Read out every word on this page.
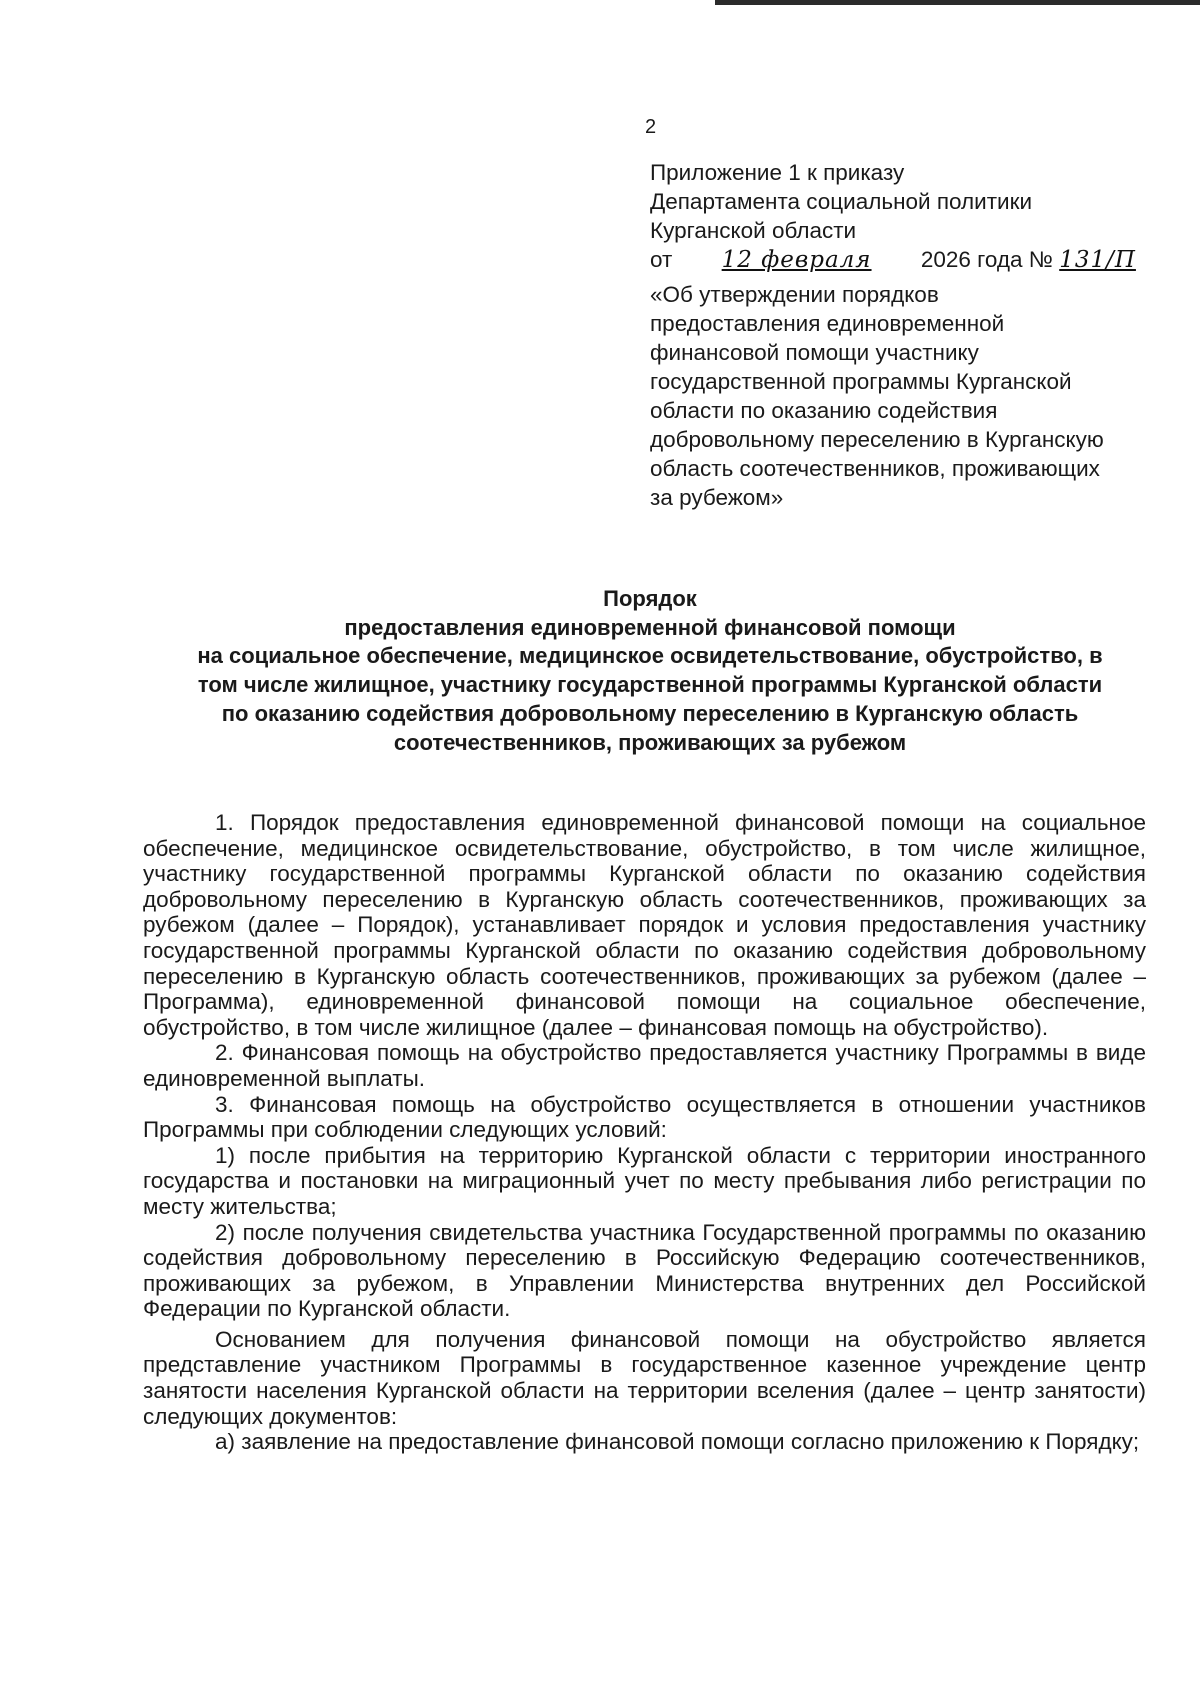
2
Приложение 1 к приказу
Департамента социальной политики
Курганской области
от 12 февраля 2026 года № 131/П
«Об утверждении порядков
предоставления единовременной
финансовой помощи участнику
государственной программы Курганской
области по оказанию содействия
добровольному переселению в Курганскую
область соотечественников, проживающих
за рубежом»
Порядок
предоставления единовременной финансовой помощи
на социальное обеспечение, медицинское освидетельствование, обустройство, в
том числе жилищное, участнику государственной программы Курганской области
по оказанию содействия добровольному переселению в Курганскую область
соотечественников, проживающих за рубежом

1. Порядок предоставления единовременной финансовой помощи на социальное обеспечение, медицинское освидетельствование, обустройство, в том числе жилищное, участнику государственной программы Курганской области по оказанию содействия добровольному переселению в Курганскую область соотечественников, проживающих за рубежом (далее – Порядок), устанавливает порядок и условия предоставления участнику государственной программы Курганской области по оказанию содействия добровольному переселению в Курганскую область соотечественников, проживающих за рубежом (далее – Программа), единовременной финансовой помощи на социальное обеспечение, обустройство, в том числе жилищное (далее – финансовая помощь на обустройство).

2. Финансовая помощь на обустройство предоставляется участнику Программы в виде единовременной выплаты.

3. Финансовая помощь на обустройство осуществляется в отношении участников Программы при соблюдении следующих условий:

1) после прибытия на территорию Курганской области с территории иностранного государства и постановки на миграционный учет по месту пребывания либо регистрации по месту жительства;

2) после получения свидетельства участника Государственной программы по оказанию содействия добровольному переселению в Российскую Федерацию соотечественников, проживающих за рубежом, в Управлении Министерства внутренних дел Российской Федерации по Курганской области.

Основанием для получения финансовой помощи на обустройство является представление участником Программы в государственное казенное учреждение центр занятости населения Курганской области на территории вселения (далее – центр занятости) следующих документов:

а) заявление на предоставление финансовой помощи согласно приложению к Порядку;
